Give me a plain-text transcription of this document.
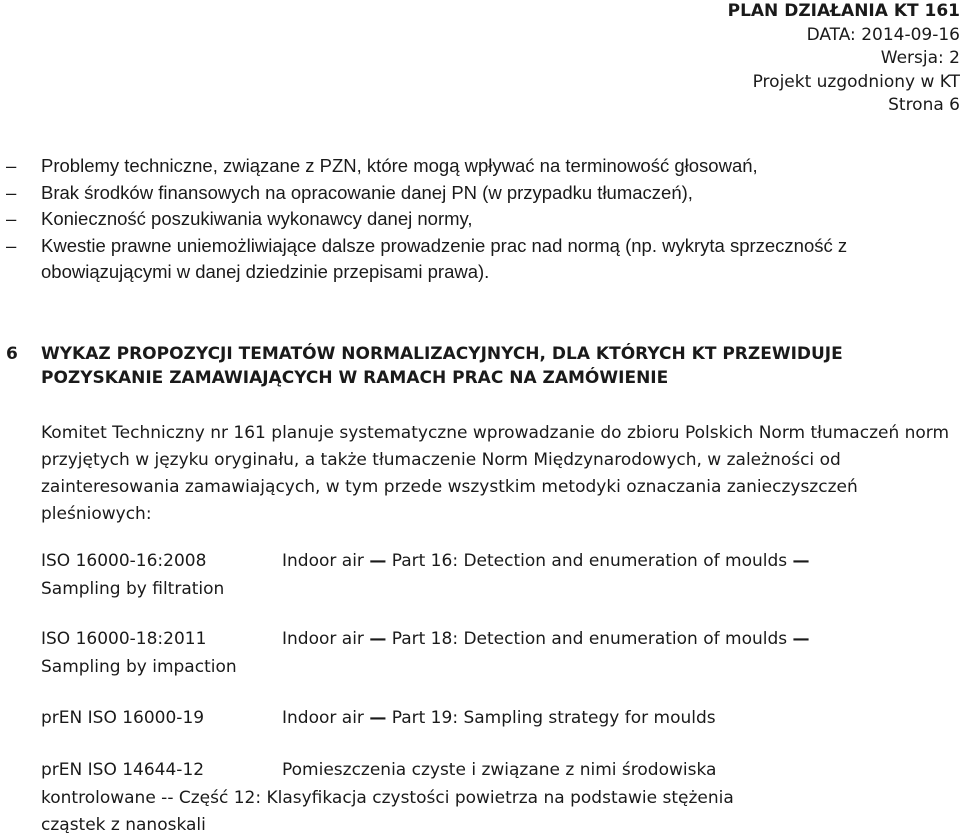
PLAN DZIAŁANIA KT 161
DATA: 2014-09-16
Wersja: 2
Projekt uzgodniony w KT
Strona 6
–	Problemy techniczne, związane z PZN, które mogą wpływać na terminowość głosowań,
–	Brak środków finansowych na opracowanie danej PN (w przypadku tłumaczeń),
–	Konieczność poszukiwania wykonawcy danej normy,
–	Kwestie prawne uniemożliwiające dalsze prowadzenie prac nad normą (np. wykryta sprzeczność z obowiązującymi w danej dziedzinie przepisami prawa).
6	WYKAZ PROPOZYCJI TEMATÓW NORMALIZACYJNYCH, DLA KTÓRYCH KT PRZEWIDUJE POZYSKANIE ZAMAWIAJĄCYCH W RAMACH PRAC NA ZAMÓWIENIE
Komitet Techniczny nr 161 planuje systematyczne wprowadzanie do zbioru Polskich Norm tłumaczeń norm przyjętych w języku oryginału, a także tłumaczenie Norm Międzynarodowych, w zależności od zainteresowania zamawiających, w tym przede wszystkim metodyki oznaczania zanieczyszczeń pleśniowych:
ISO 16000-16:2008	Indoor air — Part 16: Detection and enumeration of moulds —
Sampling by filtration
ISO 16000-18:2011	Indoor air — Part 18: Detection and enumeration of moulds —
Sampling by impaction
prEN ISO 16000-19	Indoor air — Part 19: Sampling strategy for moulds
prEN ISO 14644-12	Pomieszczenia czyste i związane z nimi środowiska
kontrolowane -- Część 12: Klasyfikacja czystości powietrza na podstawie stężenia
cząstek z nanoskali
